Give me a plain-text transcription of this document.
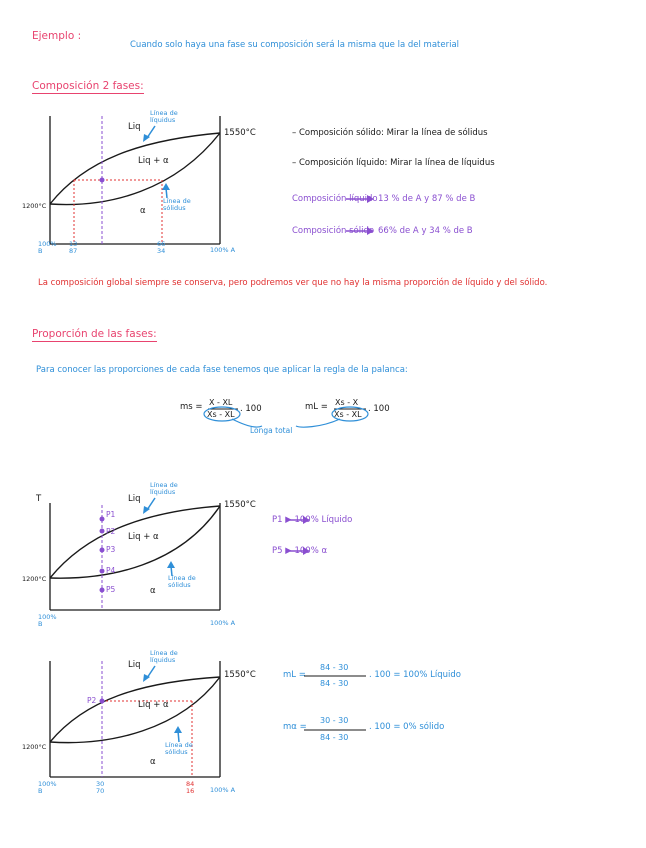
Ejemplo :
Cuando solo haya una fase su composición será la misma que la del material
Composición 2 fases:
Liq
Línea de líquidus
Liq + α
α
Línea de sólidus
1550°C
1200°C
100% B
13 87
66 34	100% A
– Composición sólido: Mirar la línea de sólidus
– Composición líquido: Mirar la línea de líquidus
Composición líquido 13 % de A y 87 % de B
Composición sólido 66% de A y 34 % de B
La composición global siempre se conserva, pero podremos ver que no hay la misma proporción de líquido y del sólido.
Proporción de las fases:
Para conocer las proporciones de cada fase tenemos que aplicar la regla de la palanca:
ms = X - XL
Xs - XL
. 100	mL = Xs - X
Xs - XL
. 100
Longa total
T	Liq
Línea de líquidus
Liq + α
α
Línea de sólidus
1550°C
1200°C
100% B	100% A
P1
P2
P3
P4
P5
P1 ▶ 100% Líquido
P5 ▶ 100% α
Liq
Línea de líquidus
Liq + α
α
Línea de sólidus
1550°C
1200°C
P2
100% B
30 70
84 16	100% A
mL =
84 - 30
84 - 30
. 100 = 100% Líquido
mα =
30 - 30
84 - 30
. 100 = 0% sólido
